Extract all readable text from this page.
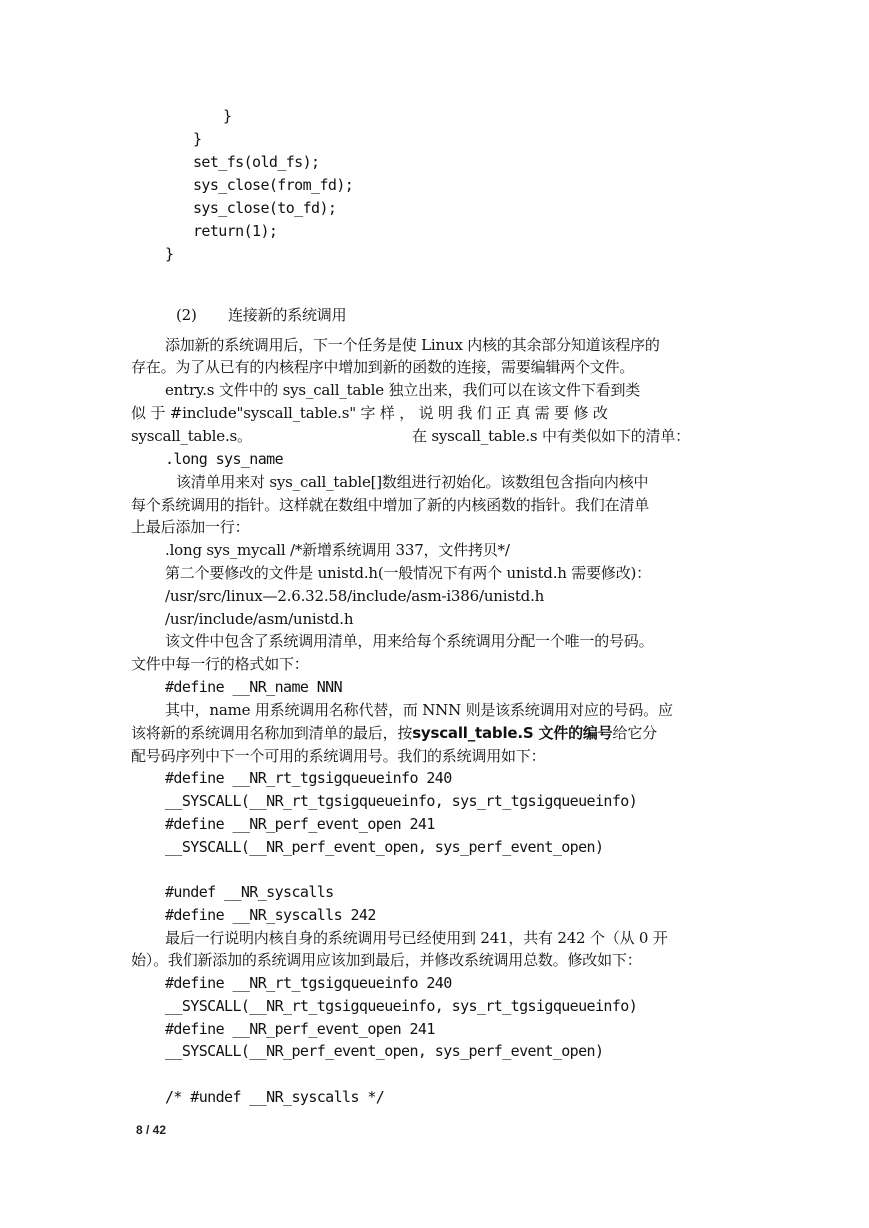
}
}
set_fs(old_fs);
sys_close(from_fd);
sys_close(to_fd);
return(1);
}
(2) 连接新的系统调用
添加新的系统调用后，下一个任务是使 Linux 内核的其余部分知道该程序的
存在。为了从已有的内核程序中增加到新的函数的连接，需要编辑两个文件。
entry.s 文件中的 sys_call_table 独立出来，我们可以在该文件下看到类
似 于 #include"syscall_table.s" 字 样 ， 说 明 我 们 正 真 需 要 修 改
syscall_table.s。	在 syscall_table.s 中有类似如下的清单：
.long sys_name
该清单用来对 sys_call_table[]数组进行初始化。该数组包含指向内核中
每个系统调用的指针。这样就在数组中增加了新的内核函数的指针。我们在清单
上最后添加一行：
.long sys_mycall /*新增系统调用 337，文件拷贝*/
第二个要修改的文件是 unistd.h(一般情况下有两个 unistd.h 需要修改)：
/usr/src/linux—2.6.32.58/include/asm-i386/unistd.h
/usr/include/asm/unistd.h
该文件中包含了系统调用清单，用来给每个系统调用分配一个唯一的号码。
文件中每一行的格式如下：
#define __NR_name NNN
其中，name 用系统调用名称代替，而 NNN 则是该系统调用对应的号码。应
该将新的系统调用名称加到清单的最后，按syscall_table.S 文件的编号给它分
配号码序列中下一个可用的系统调用号。我们的系统调用如下：
#define __NR_rt_tgsigqueueinfo 240
__SYSCALL(__NR_rt_tgsigqueueinfo, sys_rt_tgsigqueueinfo)
#define __NR_perf_event_open 241
__SYSCALL(__NR_perf_event_open, sys_perf_event_open)
#undef __NR_syscalls
#define __NR_syscalls 242
最后一行说明内核自身的系统调用号已经使用到 241，共有 242 个（从 0 开
始）。我们新添加的系统调用应该加到最后，并修改系统调用总数。修改如下：
#define __NR_rt_tgsigqueueinfo 240
__SYSCALL(__NR_rt_tgsigqueueinfo, sys_rt_tgsigqueueinfo)
#define __NR_perf_event_open 241
__SYSCALL(__NR_perf_event_open, sys_perf_event_open)
/* #undef __NR_syscalls */
8 / 42
